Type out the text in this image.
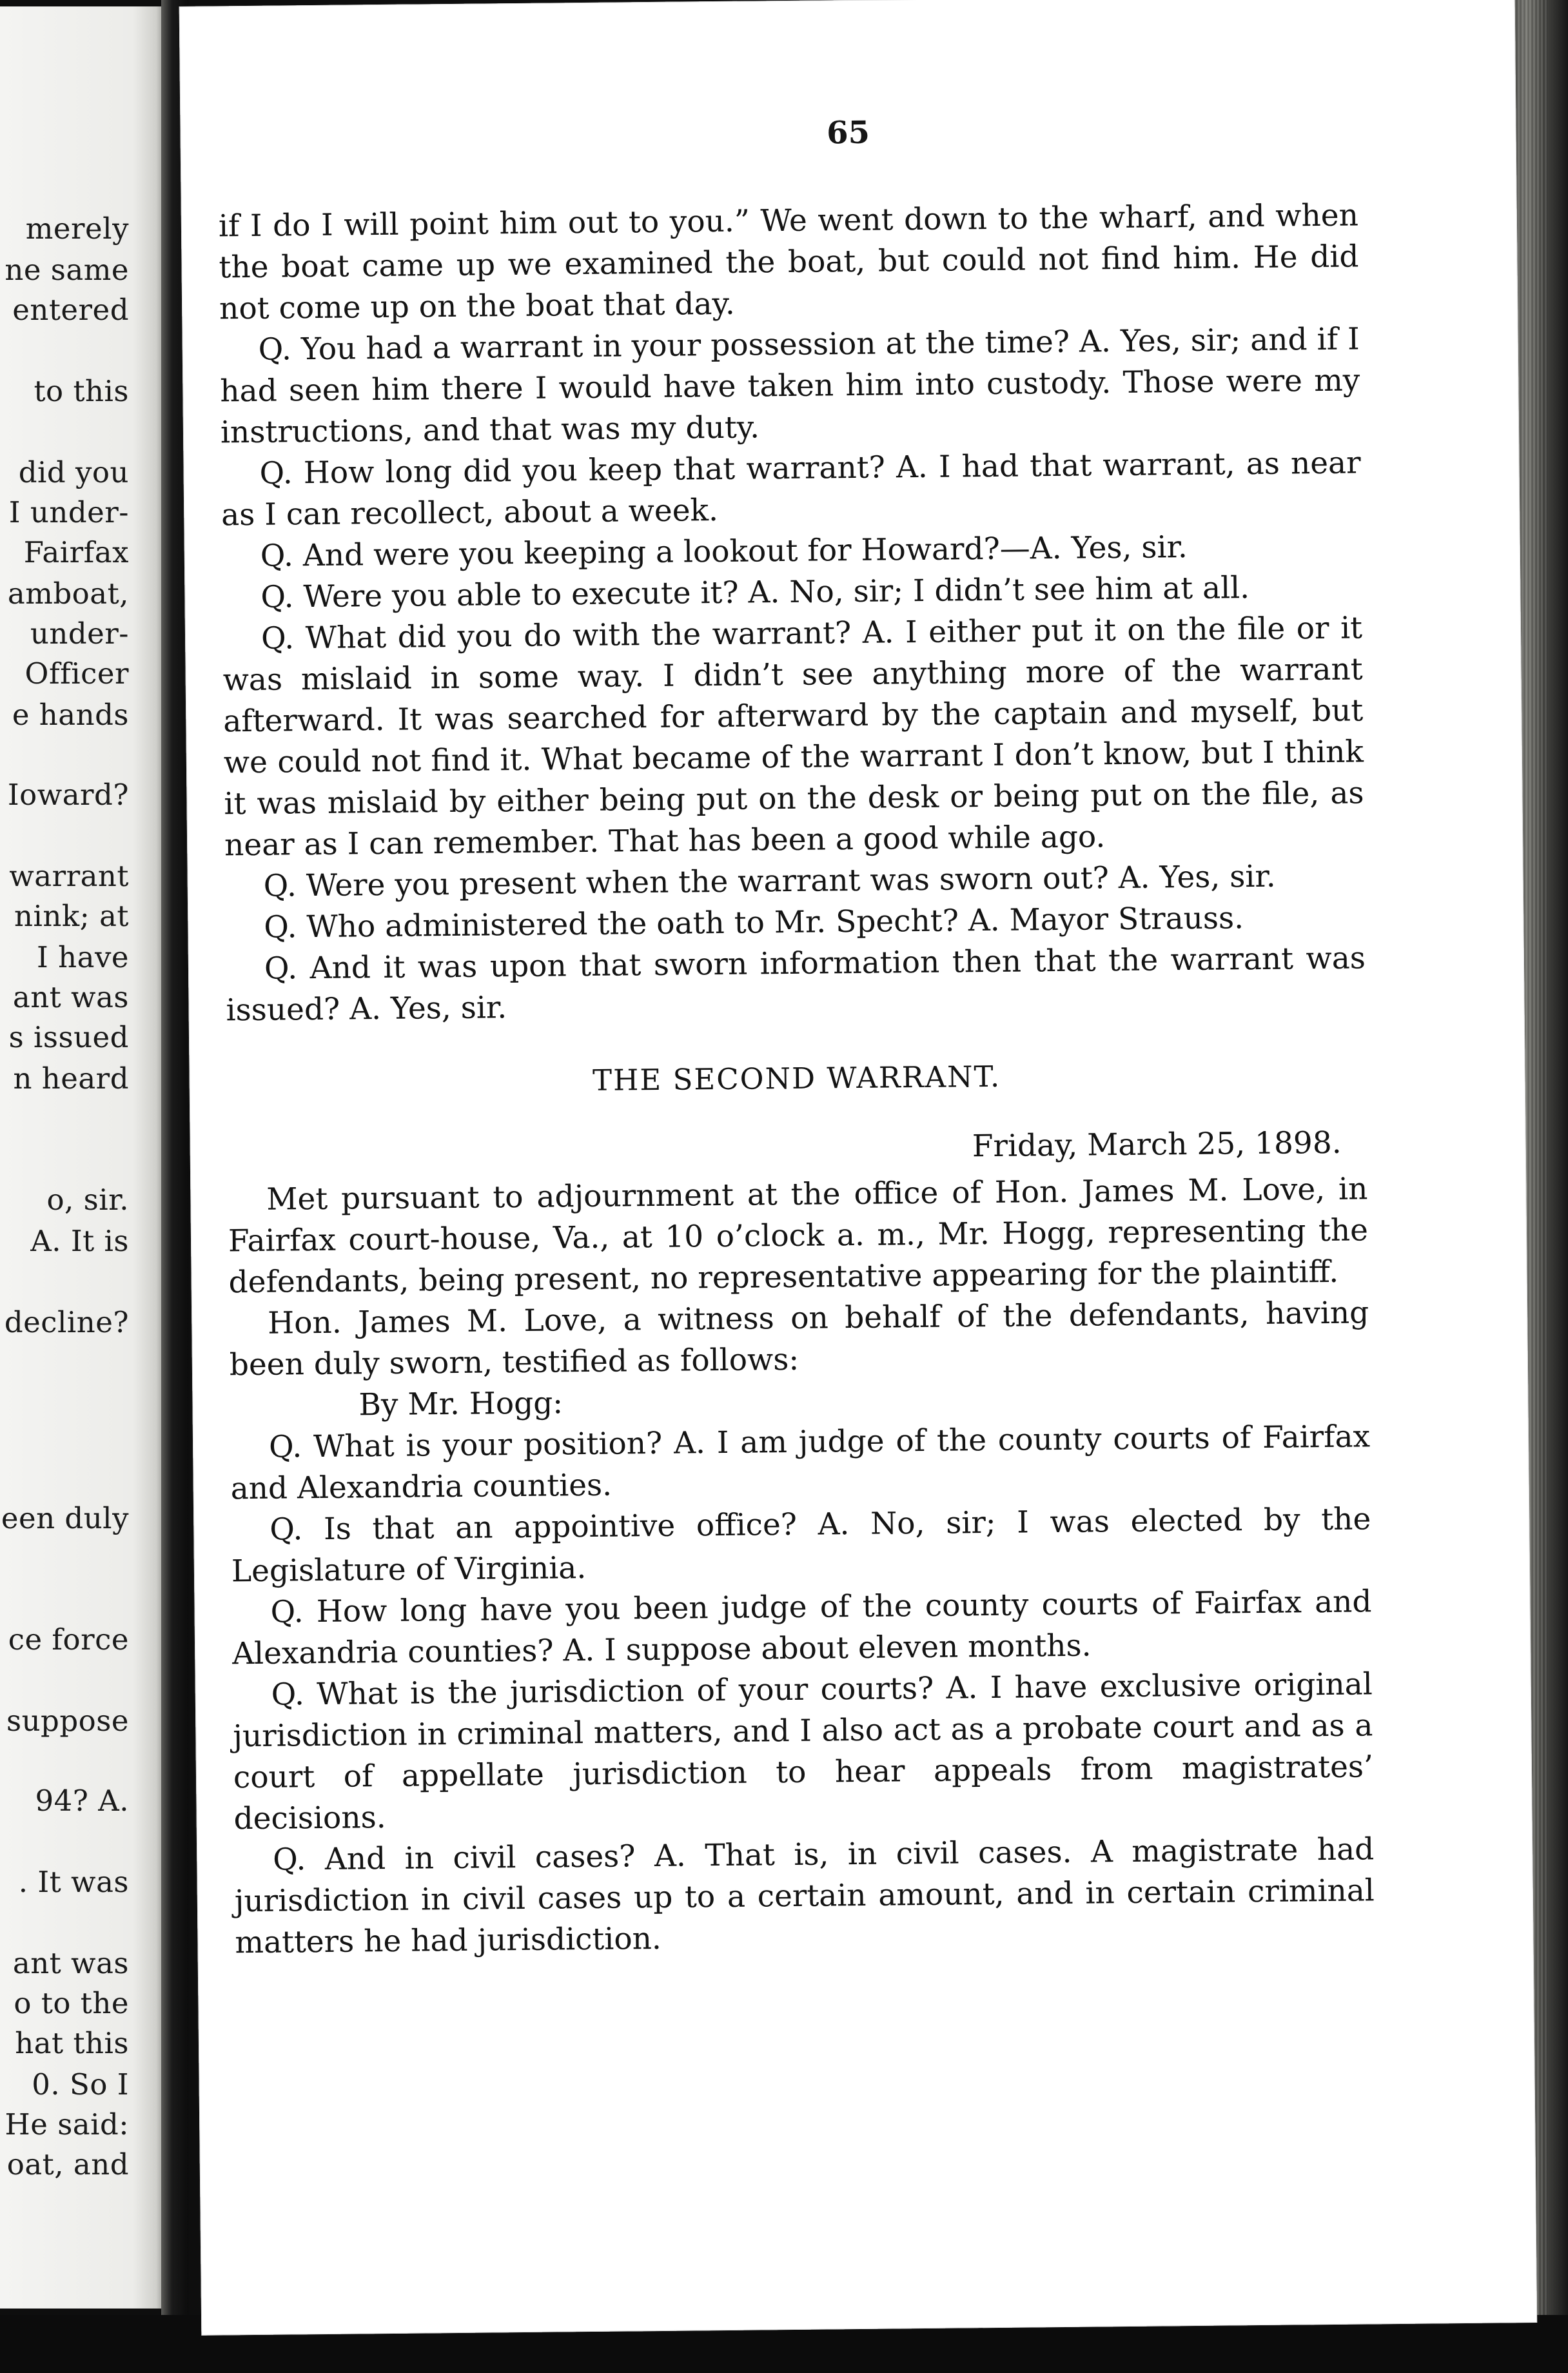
merely
ne same
entered
to this
did you
I under-
Fairfax
amboat,
under-
Officer
e hands
Ioward?
warrant
nink; at
I have
ant was
s issued
n heard
o, sir.
A. It is
decline?
een duly
ce force
suppose
94? A.
. It was
ant was
o to the
hat this
0. So I
He said:
oat, and
65

if I do I will point him out to you.” We went down to the wharf, and when the boat came up we examined the boat, but could not find him. He did not come up on the boat that day.

Q. You had a warrant in your possession at the time? A. Yes, sir; and if I had seen him there I would have taken him into custody. Those were my instructions, and that was my duty.

Q. How long did you keep that warrant? A. I had that warrant, as near as I can recollect, about a week.

Q. And were you keeping a lookout for Howard?—A. Yes, sir.

Q. Were you able to execute it? A. No, sir; I didn’t see him at all.

Q. What did you do with the warrant? A. I either put it on the file or it was mislaid in some way. I didn’t see anything more of the warrant afterward. It was searched for afterward by the captain and myself, but we could not find it. What became of the warrant I don’t know, but I think it was mislaid by either being put on the desk or being put on the file, as near as I can remember. That has been a good while ago.

Q. Were you present when the warrant was sworn out? A. Yes, sir.

Q. Who administered the oath to Mr. Specht? A. Mayor Strauss.

Q. And it was upon that sworn information then that the warrant was issued? A. Yes, sir.

THE SECOND WARRANT.

Friday, March 25, 1898.

Met pursuant to adjournment at the office of Hon. James M. Love, in Fairfax court-house, Va., at 10 o’clock a. m., Mr. Hogg, representing the defendants, being present, no representative appearing for the plaintiff.

Hon. James M. Love, a witness on behalf of the defendants, having been duly sworn, testified as follows:

By Mr. Hogg:

Q. What is your position? A. I am judge of the county courts of Fairfax and Alexandria counties.

Q. Is that an appointive office? A. No, sir; I was elected by the Legislature of Virginia.

Q. How long have you been judge of the county courts of Fairfax and Alexandria counties? A. I suppose about eleven months.

Q. What is the jurisdiction of your courts? A. I have exclusive original jurisdiction in criminal matters, and I also act as a probate court and as a court of appellate jurisdiction to hear appeals from magistrates’ decisions.

Q. And in civil cases? A. That is, in civil cases. A magistrate had jurisdiction in civil cases up to a certain amount, and in certain criminal matters he had jurisdiction.
